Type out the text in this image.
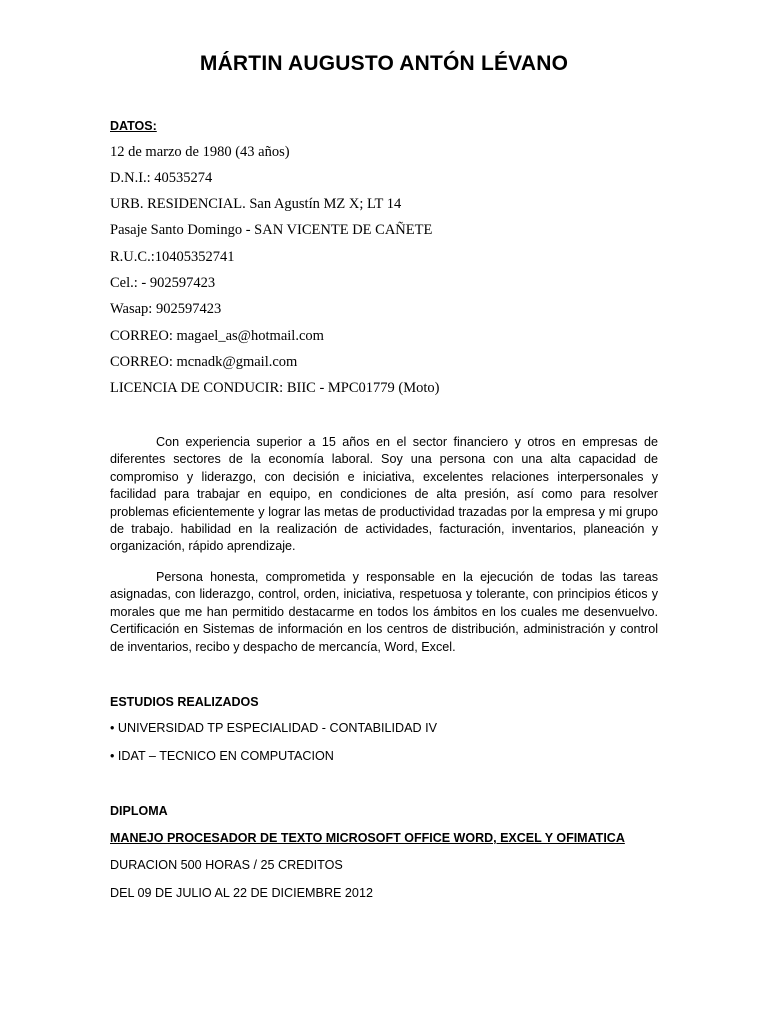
MÁRTIN AUGUSTO ANTÓN LÉVANO
DATOS:
12 de marzo de 1980 (43 años)
D.N.I.: 40535274
URB. RESIDENCIAL. San Agustín MZ X; LT 14
Pasaje Santo Domingo - SAN VICENTE DE CAÑETE
R.U.C.:10405352741
Cel.: - 902597423
Wasap: 902597423
CORREO: magael_as@hotmail.com
CORREO: mcnadk@gmail.com
LICENCIA DE CONDUCIR: BIIC - MPC01779 (Moto)
Con experiencia superior a 15 años en el sector financiero y otros en empresas de diferentes sectores de la economía laboral. Soy una persona con una alta capacidad de compromiso y liderazgo, con decisión e iniciativa, excelentes relaciones interpersonales y facilidad para trabajar en equipo, en condiciones de alta presión, así como para resolver problemas eficientemente y lograr las metas de productividad trazadas por la empresa y mi grupo de trabajo. habilidad en la realización de actividades, facturación, inventarios, planeación y organización, rápido aprendizaje.
Persona honesta, comprometida y responsable en la ejecución de todas las tareas asignadas, con liderazgo, control, orden, iniciativa, respetuosa y tolerante, con principios éticos y morales que me han permitido destacarme en todos los ámbitos en los cuales me desenvuelvo. Certificación en Sistemas de información en los centros de distribución, administración y control de inventarios, recibo y despacho de mercancía, Word, Excel.
ESTUDIOS REALIZADOS
• UNIVERSIDAD TP ESPECIALIDAD - CONTABILIDAD IV
• IDAT – TECNICO EN COMPUTACION
DIPLOMA
MANEJO PROCESADOR DE TEXTO MICROSOFT OFFICE WORD, EXCEL Y OFIMATICA
DURACION 500 HORAS / 25 CREDITOS
DEL 09 DE JULIO AL 22 DE DICIEMBRE 2012
